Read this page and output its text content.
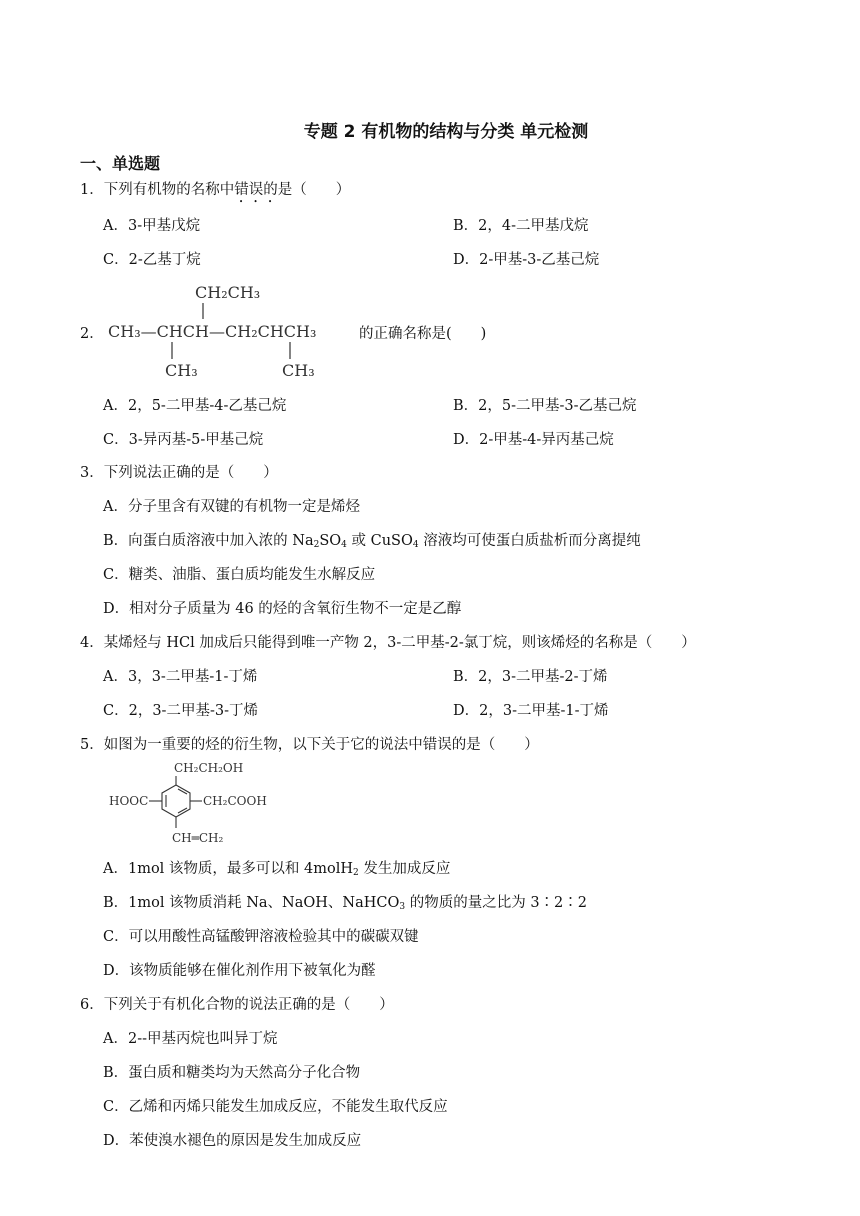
专题 2 有机物的结构与分类 单元检测
一、单选题
1．下列有机物的名称中错误的是（　　）
A．3-甲基戊烷	B．2，4-二甲基戊烷
C．2-乙基丁烷	D．2-甲基-3-乙基己烷
2．
CH₂CH₃
CH₃—CHCH—CH₂CHCH₃
CH₃	CH₃
的正确名称是(　　)
A．2，5-二甲基-4-乙基己烷	B．2，5-二甲基-3-乙基己烷
C．3-异丙基-5-甲基己烷	D．2-甲基-4-异丙基己烷
3．下列说法正确的是（　　）
A．分子里含有双键的有机物一定是烯烃
B．向蛋白质溶液中加入浓的 $Na_2SO_4$ 或 CuSO$_4$ 溶液均可使蛋白质盐析而分离提纯
C．糖类、油脂、蛋白质均能发生水解反应
D．相对分子质量为 46 的烃的含氧衍生物不一定是乙醇
4．某烯烃与 HCl 加成后只能得到唯一产物 2，3-二甲基-2-氯丁烷，则该烯烃的名称是（　　）
A．3，3-二甲基-1-丁烯	B．2，3-二甲基-2-丁烯
C．2，3-二甲基-3-丁烯	D．2，3-二甲基-1-丁烯
5．如图为一重要的烃的衍生物，以下关于它的说法中错误的是（　　）
CH₂CH₂OH
HOOC	CH₂COOH
CH═CH₂
A．1mol 该物质，最多可以和 4molH$_2$ 发生加成反应
B．1mol 该物质消耗 Na、NaOH、NaHCO$_3$ 的物质的量之比为 3∶2∶2
C．可以用酸性高锰酸钾溶液检验其中的碳碳双键
D．该物质能够在催化剂作用下被氧化为醛
6．下列关于有机化合物的说法正确的是（　　）
A．2--甲基丙烷也叫异丁烷
B．蛋白质和糖类均为天然高分子化合物
C．乙烯和丙烯只能发生加成反应，不能发生取代反应
D．苯使溴水褪色的原因是发生加成反应
